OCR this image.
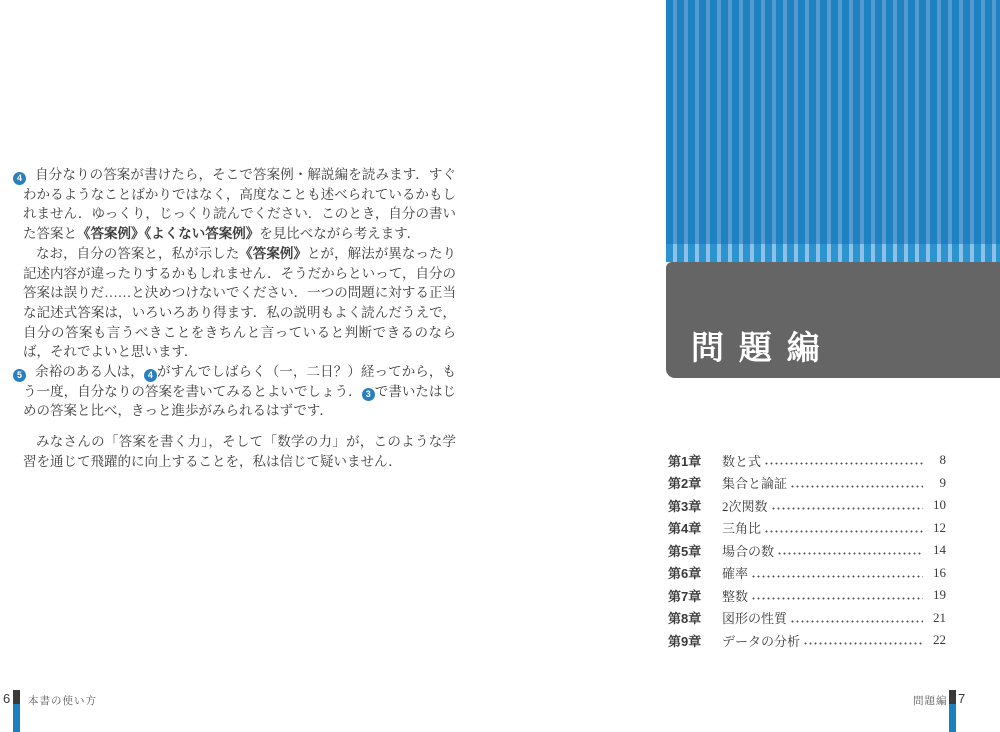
4 自分なりの答案が書けたら，そこで答案例・解説編を読みます．すぐわかるようなことばかりではなく，高度なことも述べられているかもしれません．ゆっくり，じっくり読んでください．このとき，自分の書いた答案と《答案例》《よくない答案例》を見比べながら考えます．
なお，自分の答案と，私が示した《答案例》とが，解法が異なったり記述内容が違ったりするかもしれません．そうだからといって，自分の答案は誤りだ……と決めつけないでください．一つの問題に対する正当な記述式答案は，いろいろあり得ます．私の説明もよく読んだうえで，自分の答案も言うべきことをきちんと言っていると判断できるのならば，それでよいと思います．
5 余裕のある人は， 4 がすんでしばらく（一，二日？）経ってから，もう一度，自分なりの答案を書いてみるとよいでしょう． 3 で書いたはじめの答案と比べ，きっと進歩がみられるはずです．
みなさんの「答案を書く力」，そして「数学の力」が，このような学習を通じて飛躍的に向上することを，私は信じて疑いません．
6 本書の使い方
問題編
第1章	数と式	8
第2章	集合と論証	9
第3章	2次関数	10
第4章	三角比	12
第5章	場合の数	14
第6章	確率	16
第7章	整数	19
第8章	図形の性質	21
第9章	データの分析	22
問題編 7
